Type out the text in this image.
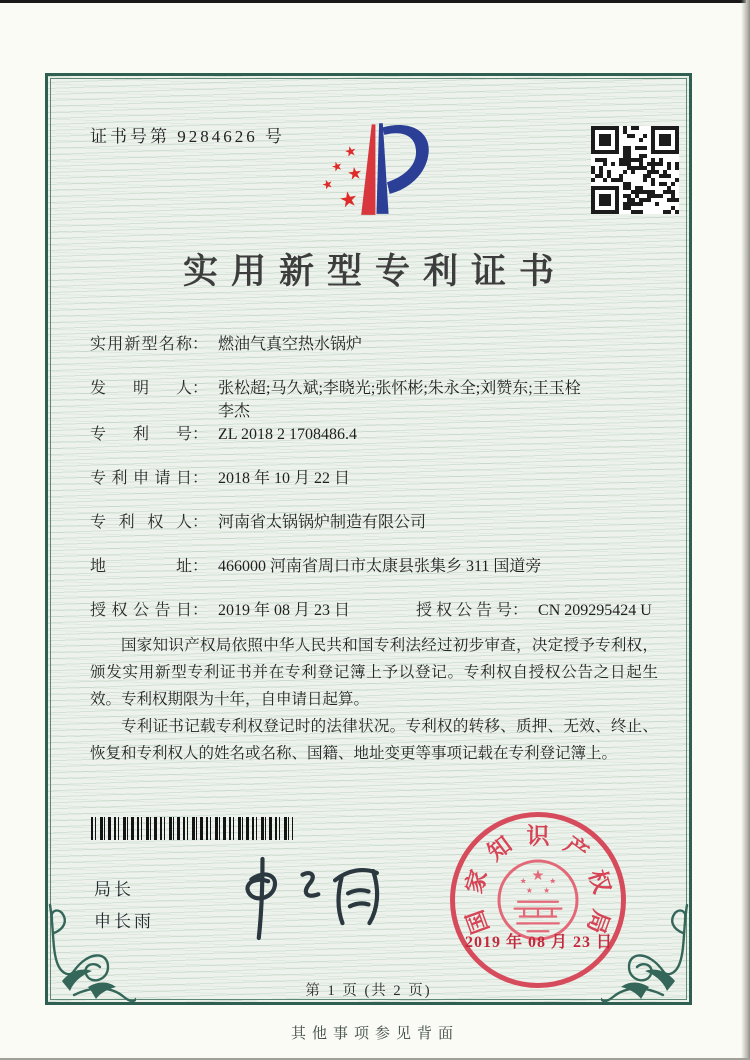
证书号第 9284626 号
★
★ ★
★
★
实用新型专利证书
实用新型名称 ： 燃油气真空热水锅炉
发明人 ： 张松超;马久斌;李晓光;张怀彬;朱永全;刘赞东;王玉栓
李杰
专利号 ： ZL 2018 2 1708486.4
专利申请日 ： 2018 年 10 月 22 日
专利权人 ： 河南省太锅锅炉制造有限公司
地址 ： 466000 河南省周口市太康县张集乡 311 国道旁
授权公告日 ： 2019 年 08 月 23 日	授权公告号 ： CN 209295424 U

国家知识产权局依照中华人民共和国专利法经过初步审查，决定授予专利权，颁发实用新型专利证书并在专利登记簿上予以登记。专利权自授权公告之日起生效。专利权期限为十年，自申请日起算。

专利证书记载专利权登记时的法律状况。专利权的转移、质押、无效、终止、恢复和专利权人的姓名或名称、国籍、地址变更等事项记载在专利登记簿上。

局长
申长雨
★
★ ★
★ ★
国
家
知 识 产
权
局
2019 年 08 月 23 日
第 1 页 (共 2 页)
其他事项参见背面
